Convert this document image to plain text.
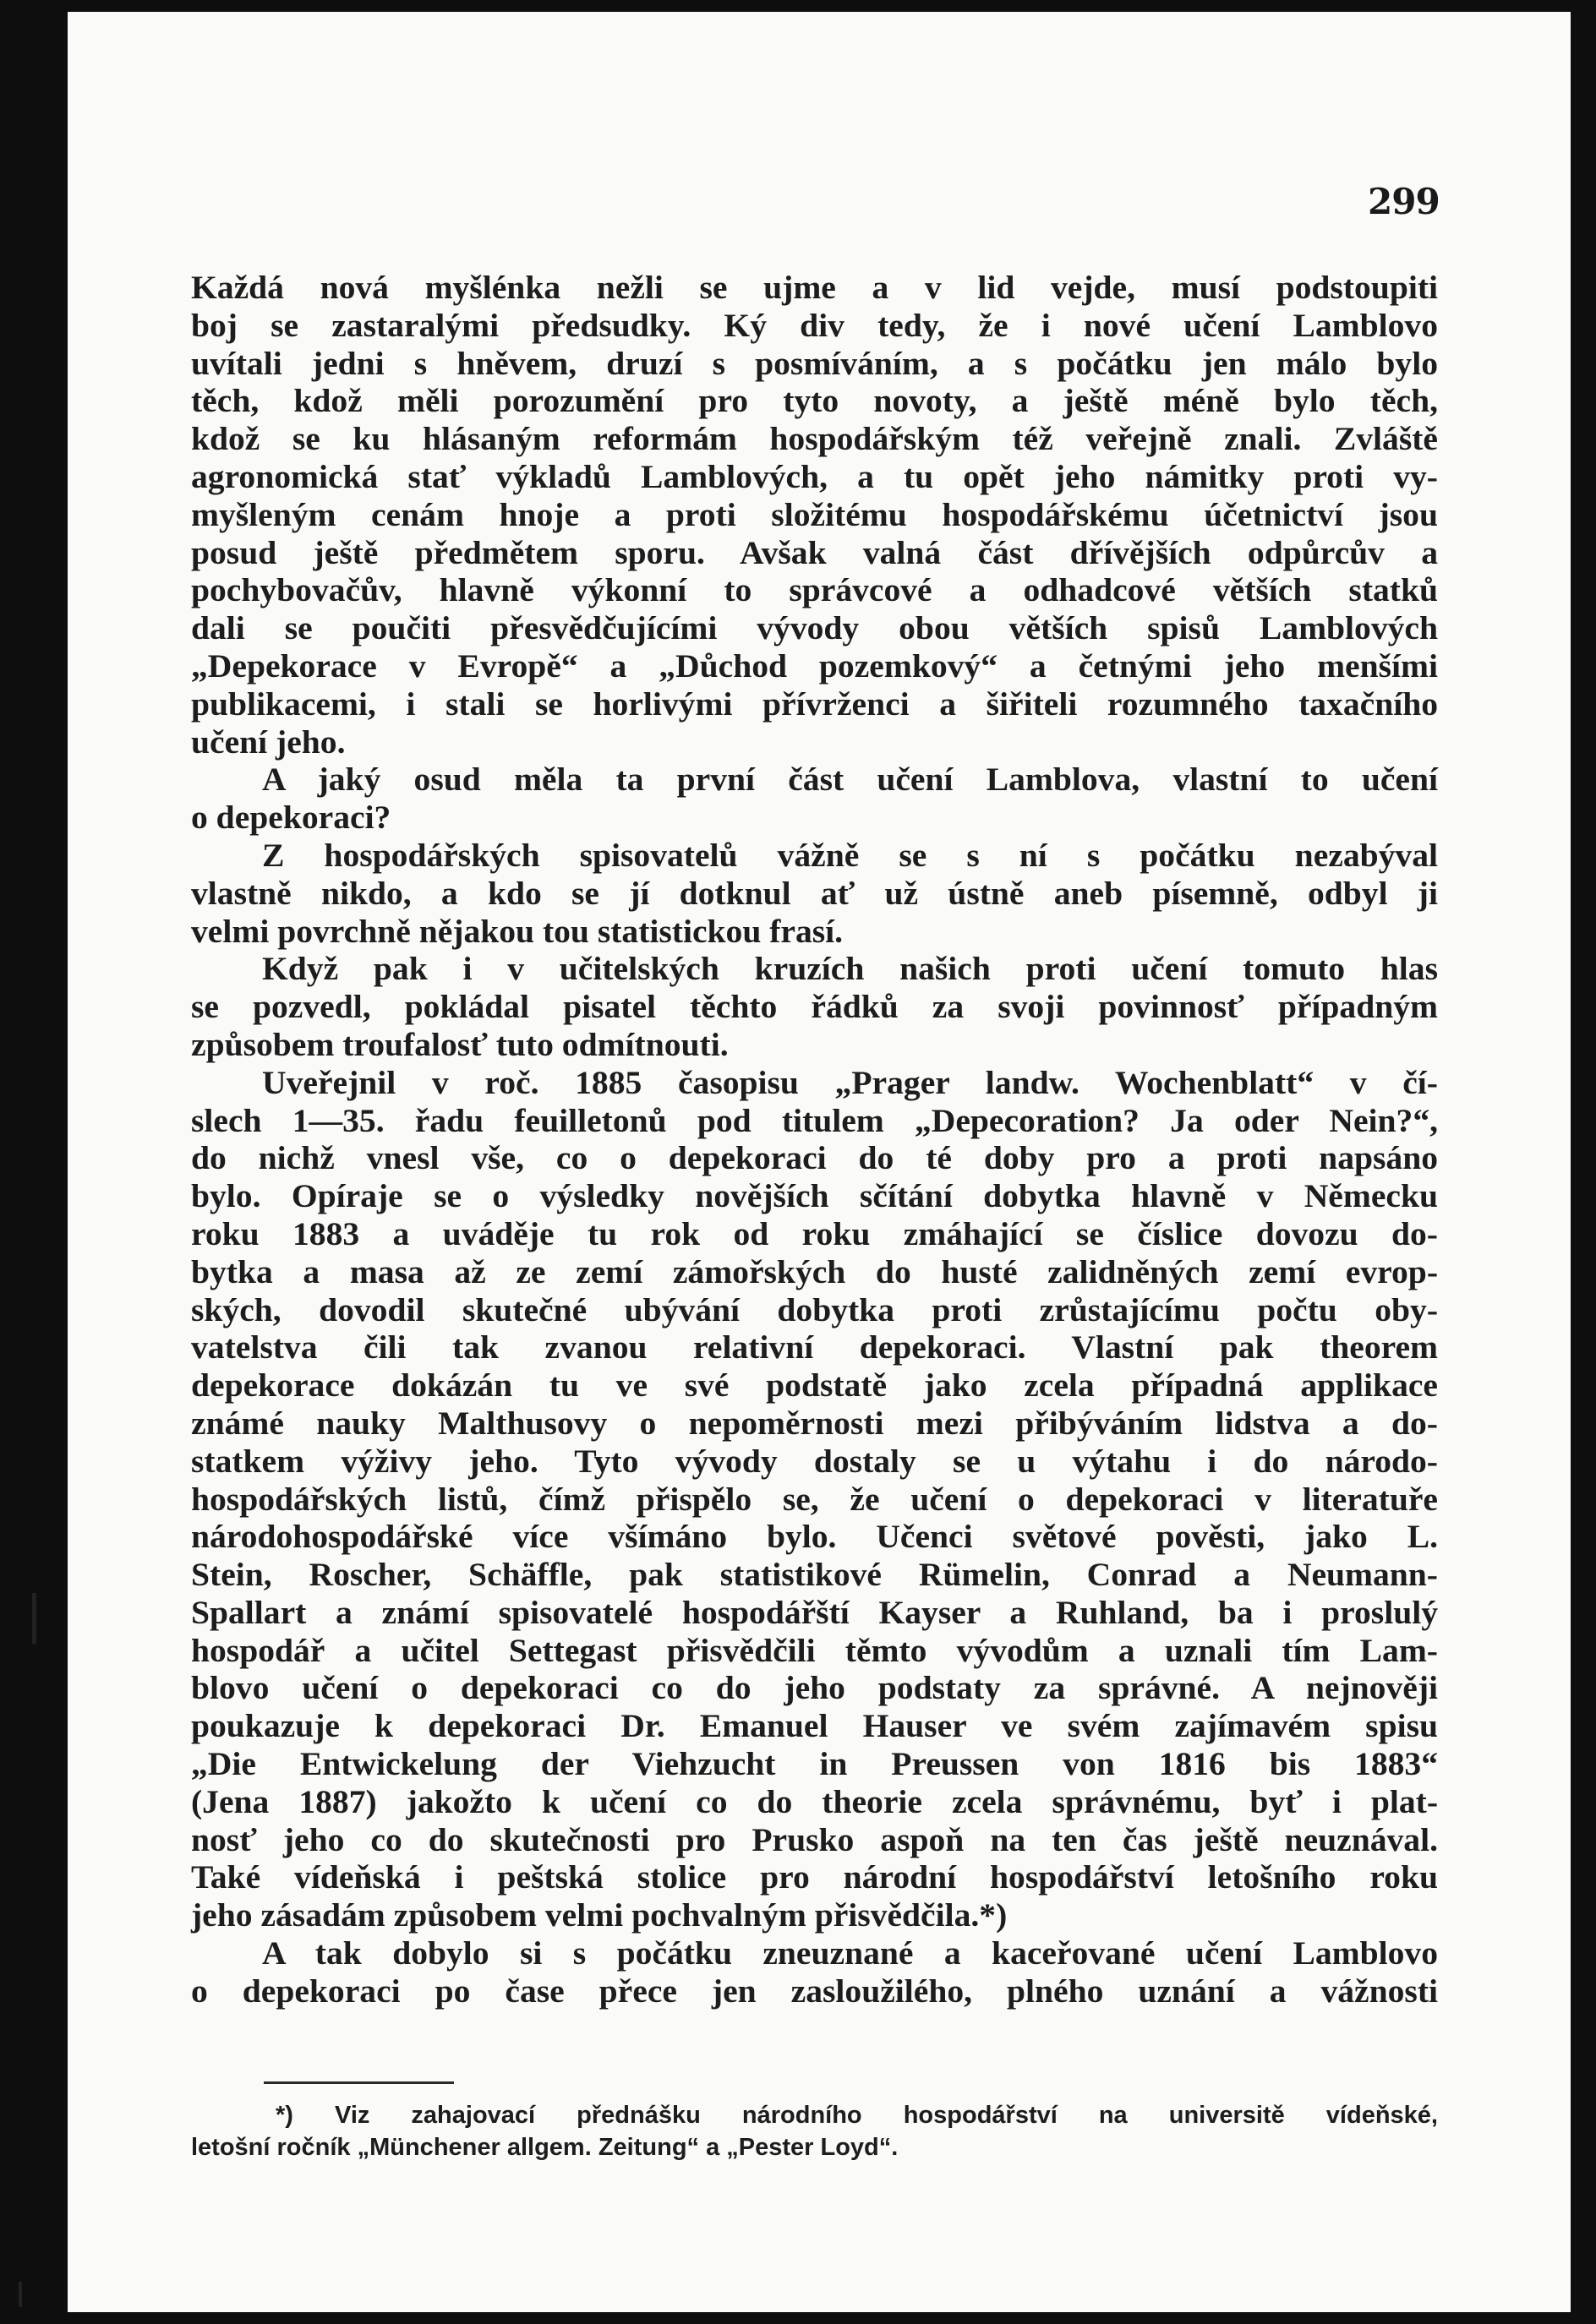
299
Každá nová myšlénka nežli se ujme a v lid vejde, musí podstoupiti
boj se zastaralými předsudky. Ký div tedy, že i nové učení Lamblovo
uvítali jedni s hněvem, druzí s posmíváním, a s počátku jen málo bylo
těch, kdož měli porozumění pro tyto novoty, a ještě méně bylo těch,
kdož se ku hlásaným reformám hospodářským též veřejně znali. Zvláště
agronomická stať výkladů Lamblových, a tu opět jeho námitky proti vy-
myšleným cenám hnoje a proti složitému hospodářskému účetnictví jsou
posud ještě předmětem sporu. Avšak valná část dřívějších odpůrcův a
pochybovačův, hlavně výkonní to správcové a odhadcové větších statků
dali se poučiti přesvědčujícími vývody obou větších spisů Lamblových
„Depekorace v Evropě“ a „Důchod pozemkový“ a četnými jeho menšími
publikacemi, i stali se horlivými přívrženci a šiřiteli rozumného taxačního
učení jeho.
A jaký osud měla ta první část učení Lamblova, vlastní to učení
o depekoraci?
Z hospodářských spisovatelů vážně se s ní s počátku nezabýval
vlastně nikdo, a kdo se jí dotknul ať už ústně aneb písemně, odbyl ji
velmi povrchně nějakou tou statistickou frasí.
Když pak i v učitelských kruzích našich proti učení tomuto hlas
se pozvedl, pokládal pisatel těchto řádků za svoji povinnosť případným
způsobem troufalosť tuto odmítnouti.
Uveřejnil v roč. 1885 časopisu „Prager landw. Wochenblatt“ v čí-
slech 1—35. řadu feuilletonů pod titulem „Depecoration? Ja oder Nein?“,
do nichž vnesl vše, co o depekoraci do té doby pro a proti napsáno
bylo. Opíraje se o výsledky novějších sčítání dobytka hlavně v Německu
roku 1883 a uváděje tu rok od roku zmáhající se číslice dovozu do-
bytka a masa až ze zemí zámořských do husté zalidněných zemí evrop-
ských, dovodil skutečné ubývání dobytka proti zrůstajícímu počtu oby-
vatelstva čili tak zvanou relativní depekoraci. Vlastní pak theorem
depekorace dokázán tu ve své podstatě jako zcela případná applikace
známé nauky Malthusovy o nepoměrnosti mezi přibýváním lidstva a do-
statkem výživy jeho. Tyto vývody dostaly se u výtahu i do národo-
hospodářských listů, čímž přispělo se, že učení o depekoraci v literatuře
národohospodářské více všímáno bylo. Učenci světové pověsti, jako L.
Stein, Roscher, Schäffle, pak statistikové Rümelin, Conrad a Neumann-
Spallart a známí spisovatelé hospodářští Kayser a Ruhland, ba i proslulý
hospodář a učitel Settegast přisvědčili těmto vývodům a uznali tím Lam-
blovo učení o depekoraci co do jeho podstaty za správné. A nejnověji
poukazuje k depekoraci Dr. Emanuel Hauser ve svém zajímavém spisu
„Die Entwickelung der Viehzucht in Preussen von 1816 bis 1883“
(Jena 1887) jakožto k učení co do theorie zcela správnému, byť i plat-
nosť jeho co do skutečnosti pro Prusko aspoň na ten čas ještě neuznával.
Také vídeňská i peštská stolice pro národní hospodářství letošního roku
jeho zásadám způsobem velmi pochvalným přisvědčila.*)
A tak dobylo si s počátku zneuznané a kaceřované učení Lamblovo
o depekoraci po čase přece jen zasloužilého, plného uznání a vážnosti
*) Viz zahajovací přednášku národního hospodářství na universitě vídeňské,
letošní ročník „Münchener allgem. Zeitung“ a „Pester Loyd“.
